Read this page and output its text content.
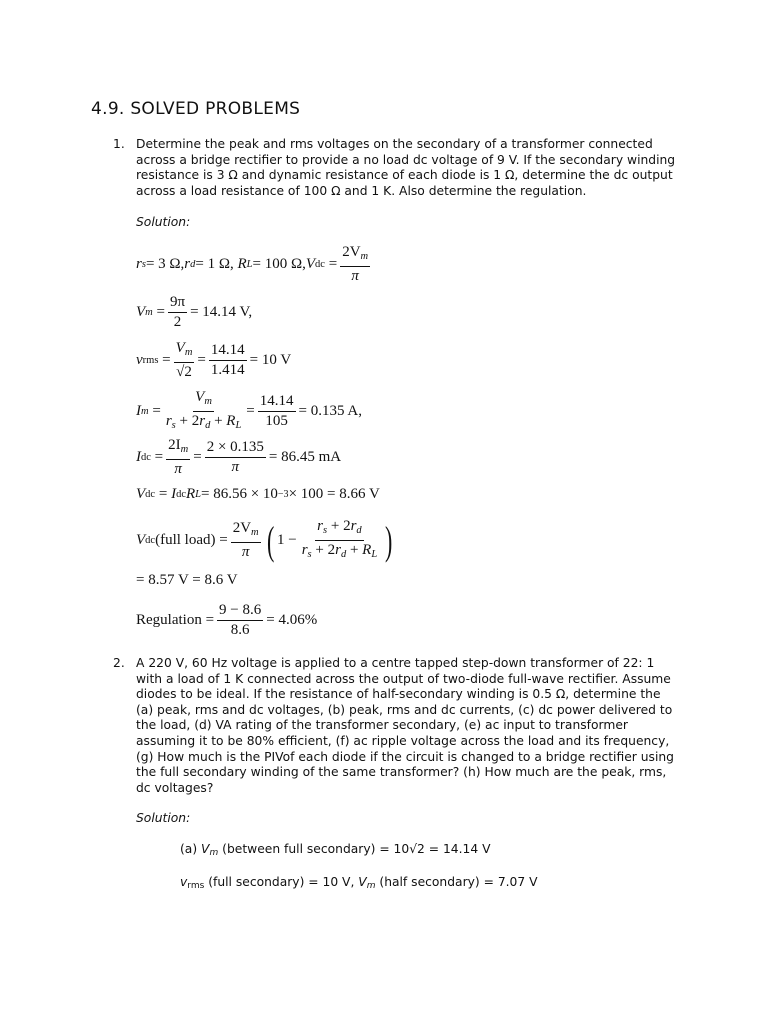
4.9. SOLVED PROBLEMS
1. Determine the peak and rms voltages on the secondary of a transformer connected across a bridge rectifier to provide a no load dc voltage of 9 V. If the secondary winding resistance is 3 Ω and dynamic resistance of each diode is 1 Ω, determine the dc output across a load resistance of 100 Ω and 1 K. Also determine the regulation.

Solution:
r s = 3 Ω, r d = 1 Ω,
R L = 100 Ω, V dc = $\frac{2V_m}{\pi}$
V $m = \frac{9\pi}{2} = 14.14$ V,
v rms = $\frac{V_m}{√2} = \frac{14.14}{1.414} = 10$ V
I $m = \frac{V_m}{r_s + 2r_d + R_L} = \frac{14.14}{105} = 0.135$ A,
I dc = $\frac{2I_m}{\pi} = \frac{2 \times 0.135}{\pi} = 86.45$ mA
V dc = I dc R L = 86.56 × 10 −3 × 100 = 8.66 V
V dc (full load) = $\frac{2V_m}{\pi}$ ( $1 - \frac{r_s + 2r_d}{r_s + 2r_d + R_L}$ )
= 8.57 V = 8.6 V
Regulation = $\frac{9 - 8.6}{8.6} = 4.06\%$
2. A 220 V, 60 Hz voltage is applied to a centre tapped step-down transformer of 22: 1 with a load of 1 K connected across the output of two-diode full-wave rectifier. Assume diodes to be ideal. If the resistance of half-secondary winding is 0.5 Ω, determine the (a) peak, rms and dc voltages, (b) peak, rms and dc currents, (c) dc power delivered to the load, (d) VA rating of the transformer secondary, (e) ac input to transformer assuming it to be 80% efficient, (f) ac ripple voltage across the load and its frequency, (g) How much is the PIVof each diode if the circuit is changed to a bridge rectifier using the full secondary winding of the same transformer? (h) How much are the peak, rms, dc voltages?

Solution:
(a) Vm (between full secondary) = 10√2 = 14.14 V
vrms (full secondary) = 10 V, Vm (half secondary) = 7.07 V
